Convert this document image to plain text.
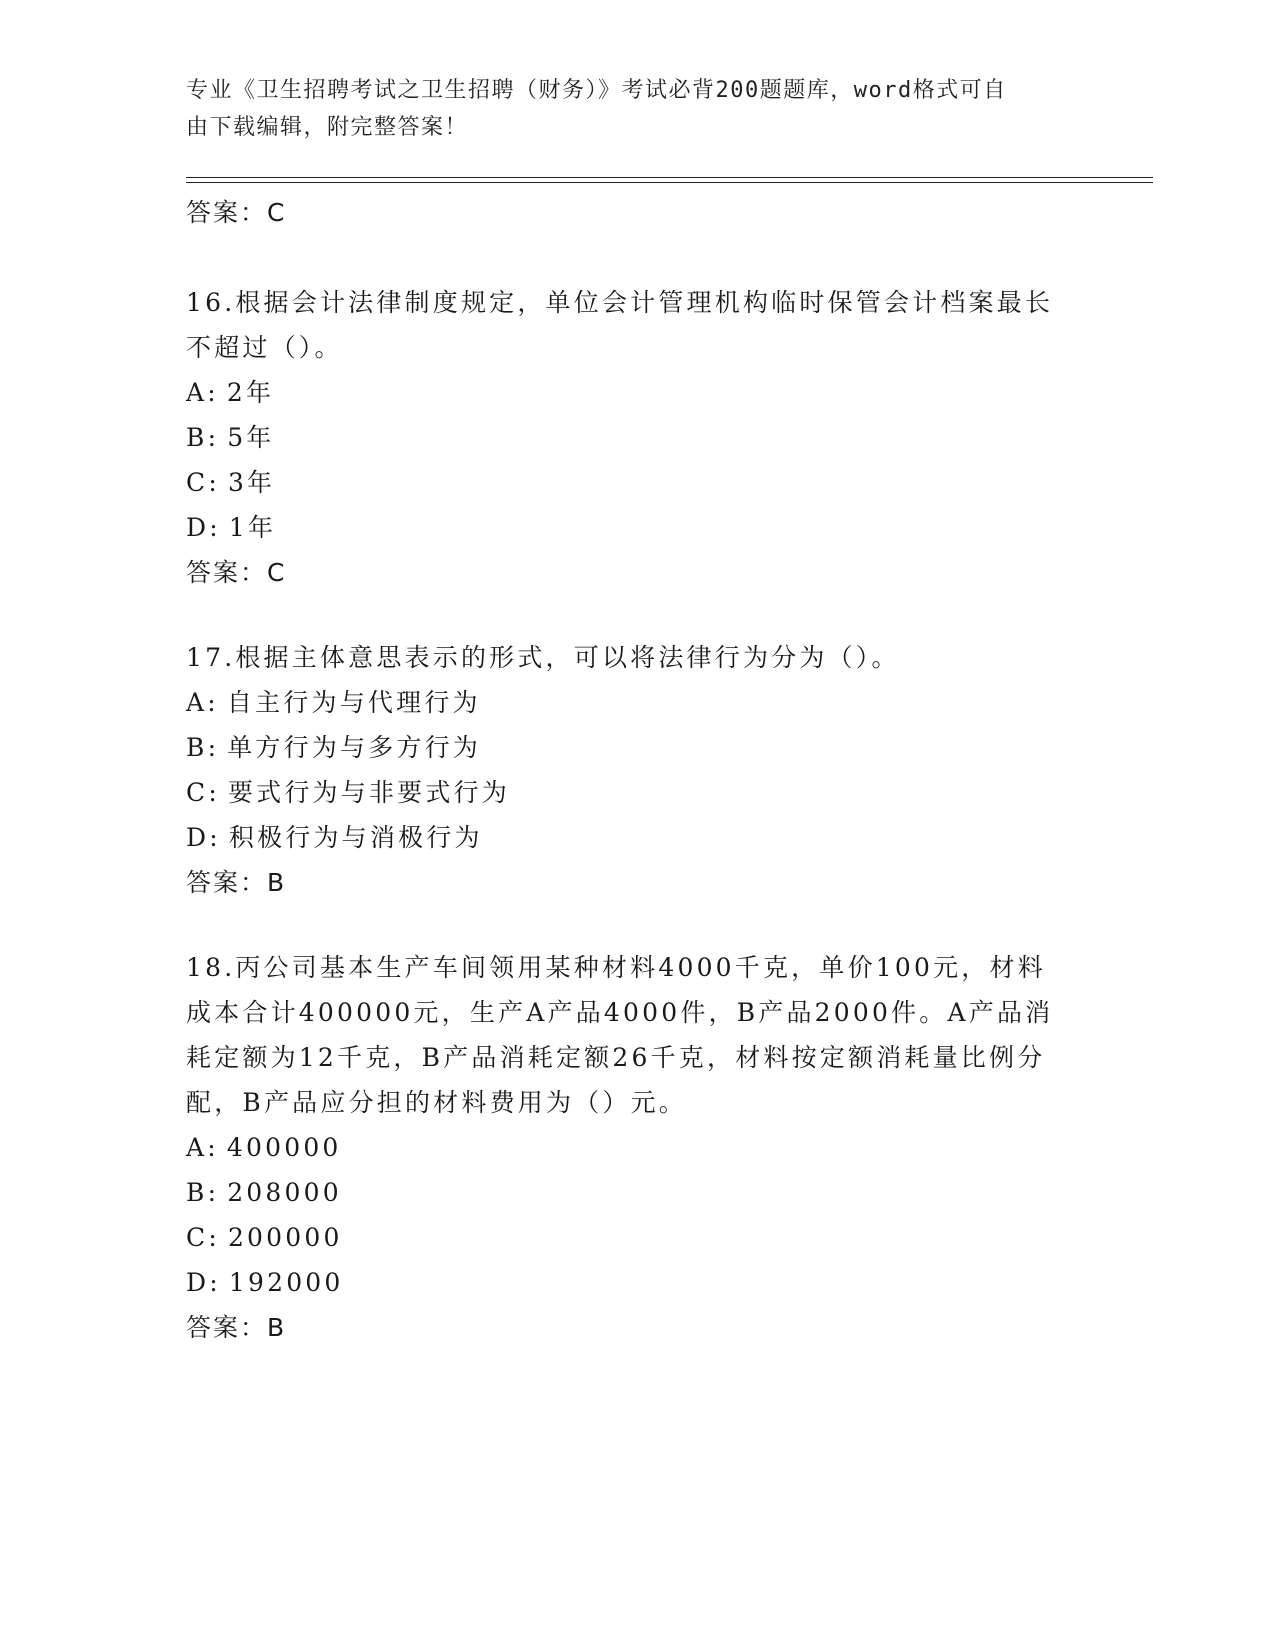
专业《卫生招聘考试之卫生招聘（财务）》考试必背200题题库，word格式可自
由下载编辑，附完整答案！

答案：C

16.根据会计法律制度规定，单位会计管理机构临时保管会计档案最长

不超过（）。

A: 2年

B: 5年

C: 3年

D: 1年

答案：C

17.根据主体意思表示的形式，可以将法律行为分为（）。

A: 自主行为与代理行为

B: 单方行为与多方行为

C: 要式行为与非要式行为

D: 积极行为与消极行为

答案：B

18.丙公司基本生产车间领用某种材料4000千克，单价100元，材料

成本合计400000元，生产A产品4000件，B产品2000件。A产品消

耗定额为12千克，B产品消耗定额26千克，材料按定额消耗量比例分

配，B产品应分担的材料费用为（）元。

A: 400000

B: 208000

C: 200000

D: 192000

答案：B
